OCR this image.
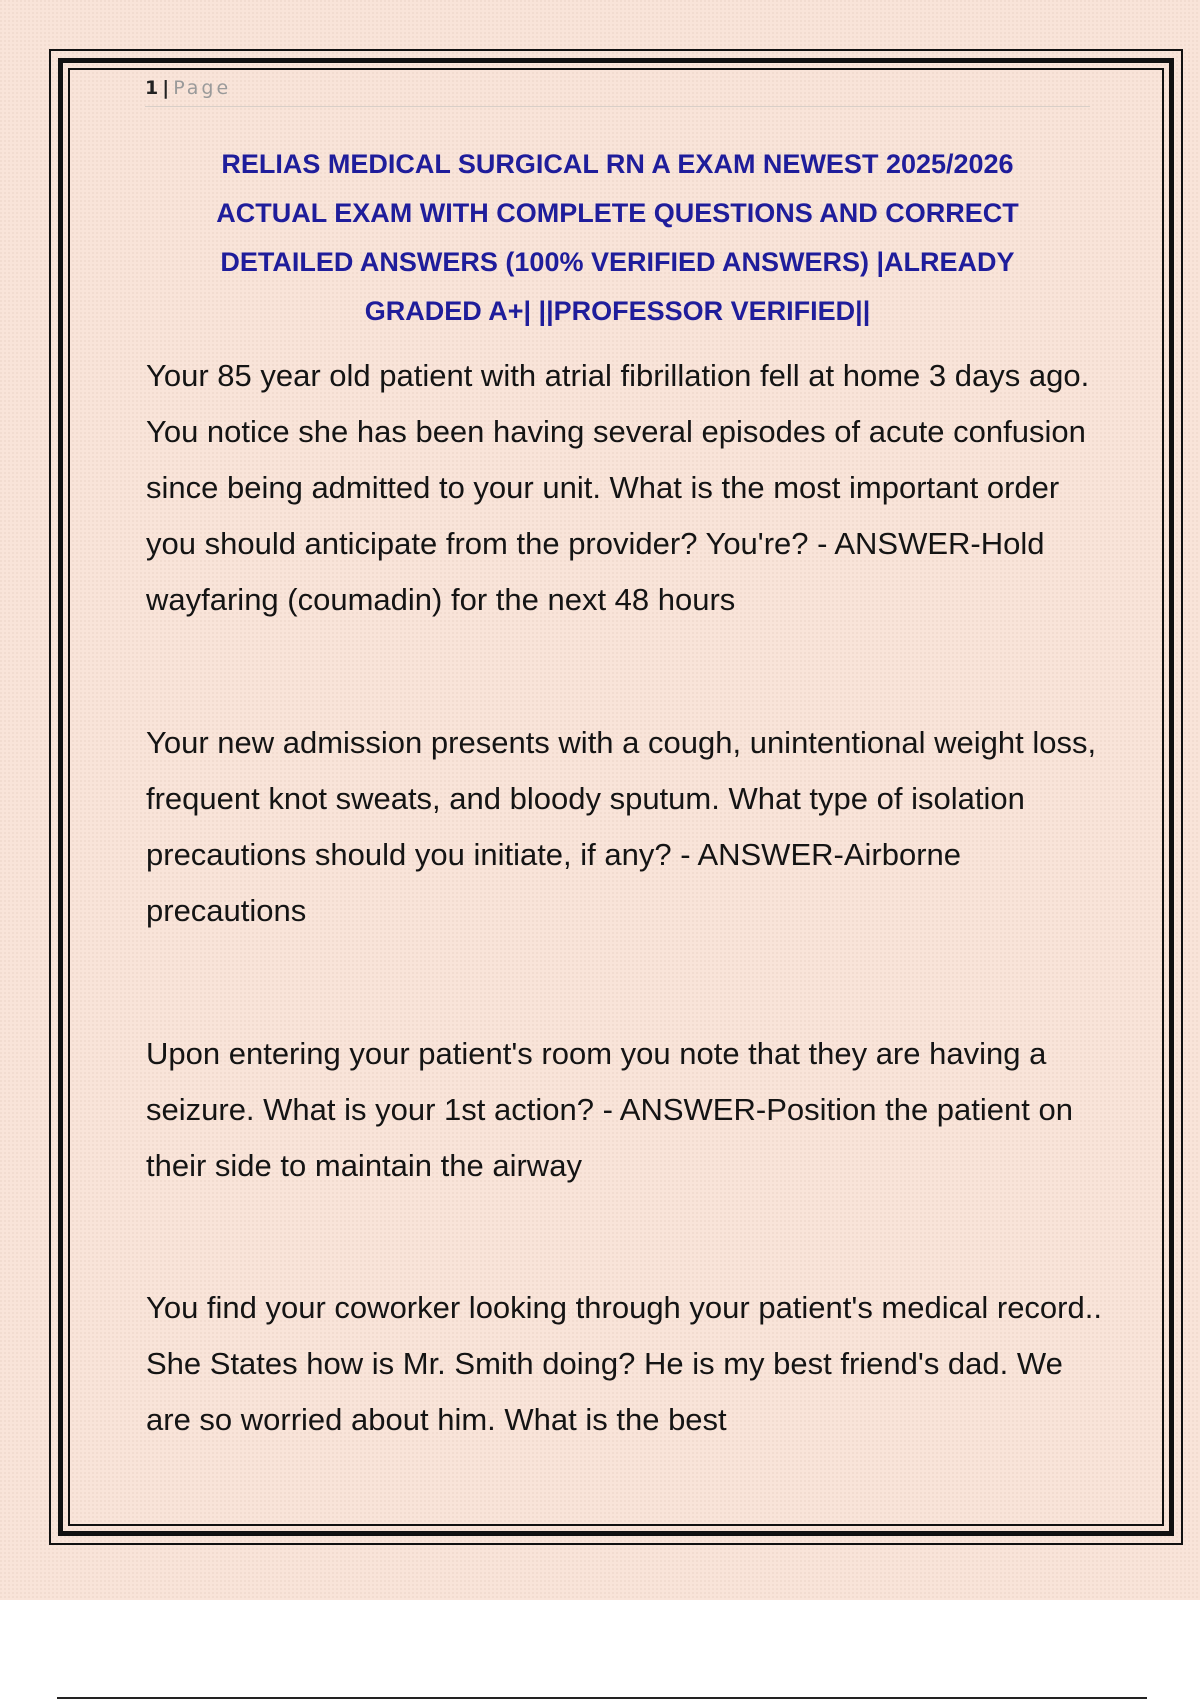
1 | Page
RELIAS MEDICAL SURGICAL RN A EXAM NEWEST 2025/2026 ACTUAL EXAM WITH COMPLETE QUESTIONS AND CORRECT DETAILED ANSWERS (100% VERIFIED ANSWERS) |ALREADY GRADED A+| ||PROFESSOR VERIFIED||

Your 85 year old patient with atrial fibrillation fell at home 3 days ago. You notice she has been having several episodes of acute confusion since being admitted to your unit. What is the most important order you should anticipate from the provider? You're? - ANSWER-Hold wayfaring (coumadin) for the next 48 hours

Your new admission presents with a cough, unintentional weight loss, frequent knot sweats, and bloody sputum. What type of isolation precautions should you initiate, if any? - ANSWER-Airborne precautions

Upon entering your patient's room you note that they are having a seizure. What is your 1st action? - ANSWER-Position the patient on their side to maintain the airway

You find your coworker looking through your patient's medical record.. She States how is Mr. Smith doing? He is my best friend's dad. We are so worried about him. What is the best
